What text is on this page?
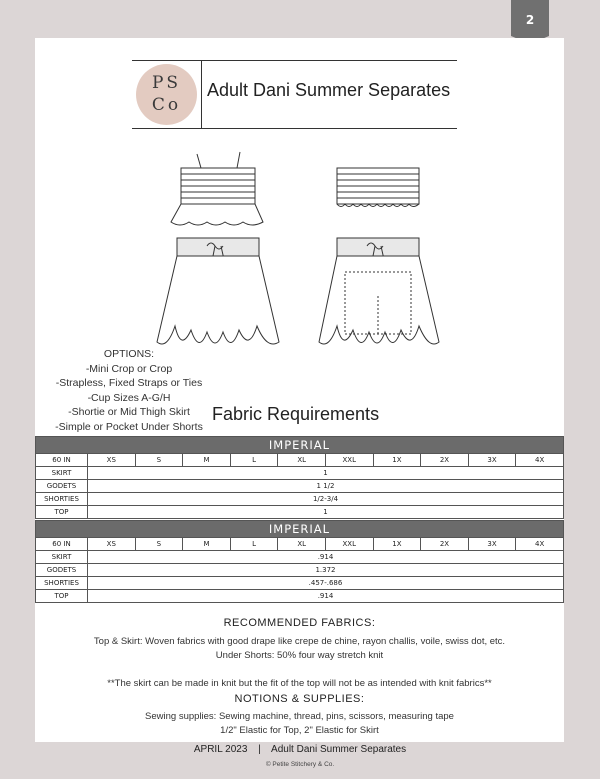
2
PS
Co
Adult Dani Summer Separates
OPTIONS:
-Mini Crop or Crop
-Strapless, Fixed Straps or Ties
-Cup Sizes A-G/H
-Shortie or Mid Thigh Skirt
-Simple or Pocket Under Shorts
Fabric Requirements
IMPERIAL										
60 IN	XS	S	M	L	XL	XXL	1X	2X	3X	4X
SKIRT	1									
GODETS	1 1/2									
SHORTIES	1/2-3/4									
TOP	1									
IMPERIAL										
60 IN	XS	S	M	L	XL	XXL	1X	2X	3X	4X
SKIRT	.914									
GODETS	1.372									
SHORTIES	.457-.686									
TOP	.914									
RECOMMENDED FABRICS:
Top & Skirt: Woven fabrics with good drape like crepe de chine, rayon challis, voile, swiss dot, etc.
Under Shorts: 50% four way stretch knit
**The skirt can be made in knit but the fit of the top will not be as intended with knit fabrics**
NOTIONS & SUPPLIES:
Sewing supplies: Sewing machine, thread, pins, scissors, measuring tape
1/2" Elastic for Top, 2" Elastic for Skirt
APRIL 2023 | Adult Dani Summer Separates
© Petite Stitchery & Co.
